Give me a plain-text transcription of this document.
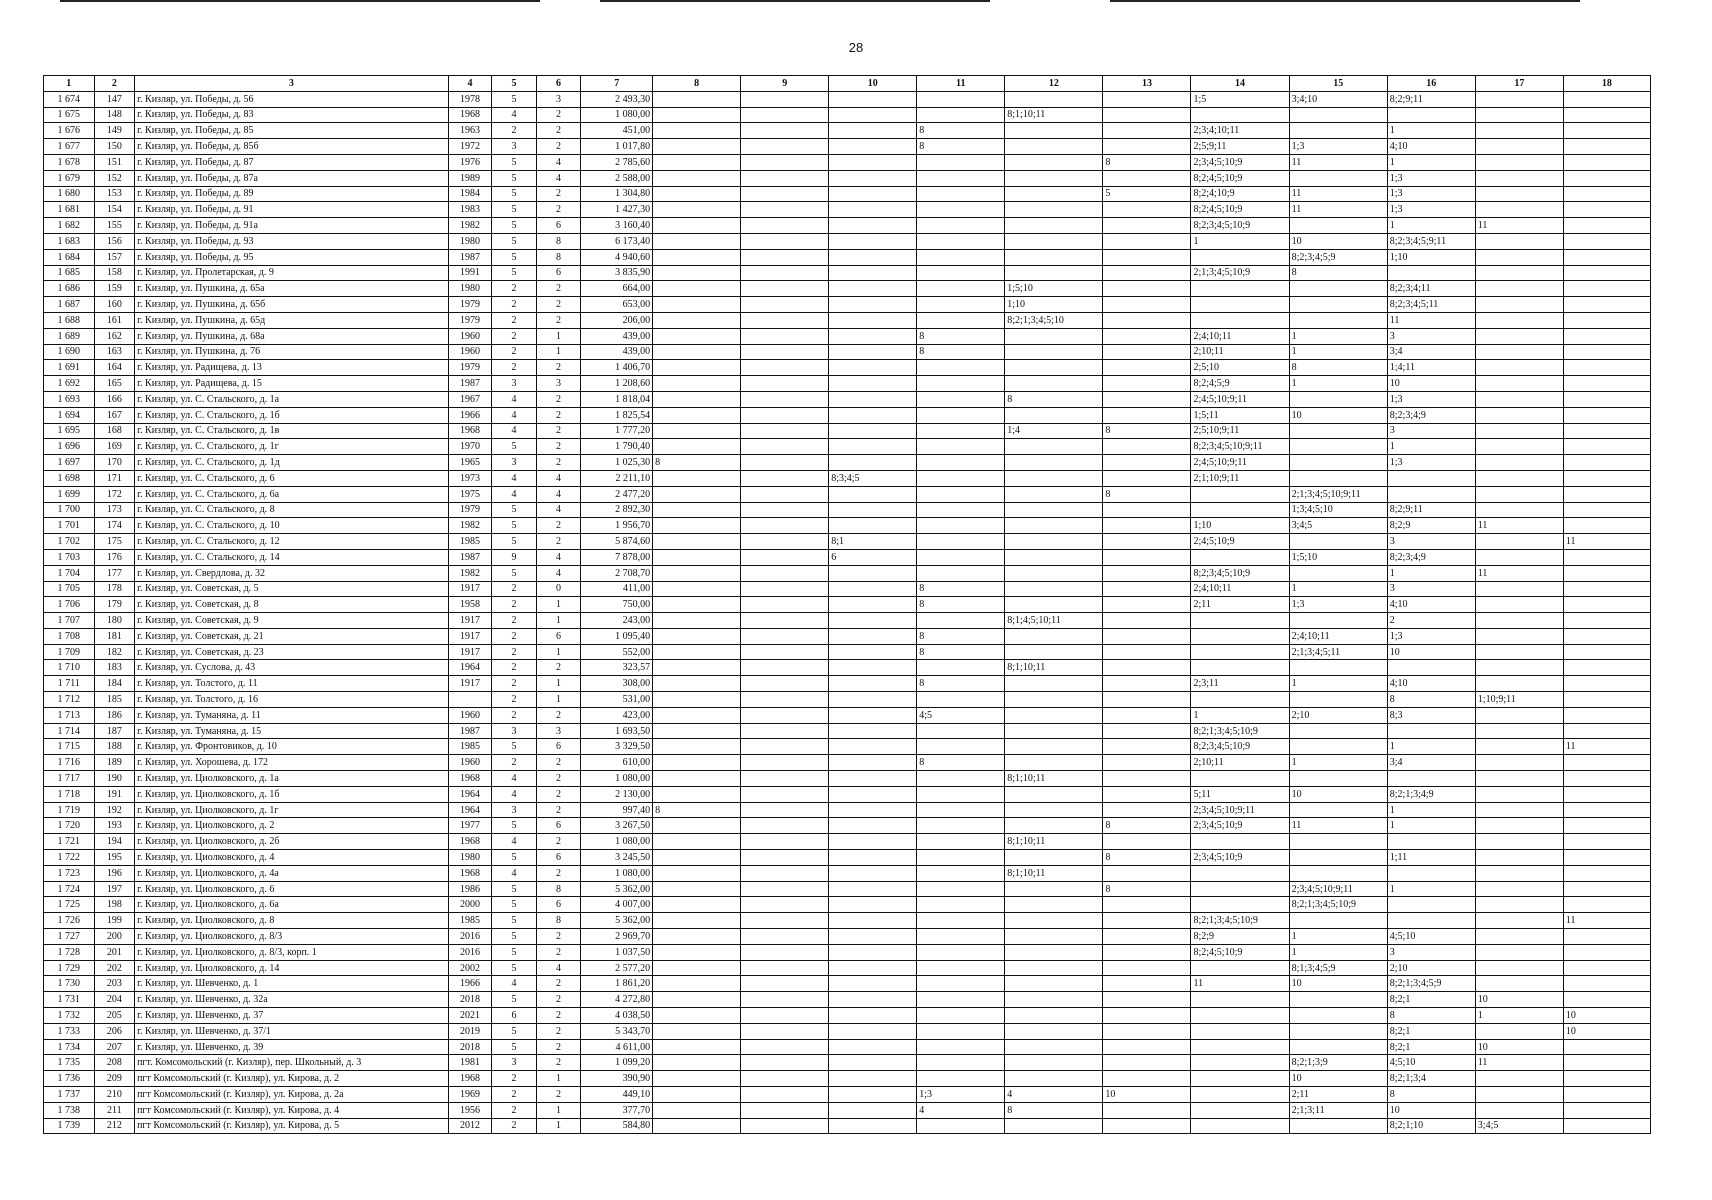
28
1	2	3	4	5	6	7	8	9	10	11	12	13	14	15	16	17	18
1 674	147	г. Кизляр, ул. Победы, д. 56	1978	5	3	2 493,30							1;5	3;4;10	8;2;9;11		
1 675	148	г. Кизляр, ул. Победы, д. 83	1968	4	2	1 080,00					8;1;10;11						
1 676	149	г. Кизляр, ул. Победы, д. 85	1963	2	2	451,00				8			2;3;4;10;11		1		
1 677	150	г. Кизляр, ул. Победы, д. 85б	1972	3	2	1 017,80				8			2;5;9;11	1;3	4;10		
1 678	151	г. Кизляр, ул. Победы, д. 87	1976	5	4	2 785,60						8	2;3;4;5;10;9	11	1		
1 679	152	г. Кизляр, ул. Победы, д. 87а	1989	5	4	2 588,00							8;2;4;5;10;9		1;3		
1 680	153	г. Кизляр, ул. Победы, д. 89	1984	5	2	1 304,80						5	8;2;4;10;9	11	1;3		
1 681	154	г. Кизляр, ул. Победы, д. 91	1983	5	2	1 427,30							8;2;4;5;10;9	11	1;3		
1 682	155	г. Кизляр, ул. Победы, д. 91а	1982	5	6	3 160,40							8;2;3;4;5;10;9		1	11	
1 683	156	г. Кизляр, ул. Победы, д. 93	1980	5	8	6 173,40							1	10	8;2;3;4;5;9;11		
1 684	157	г. Кизляр, ул. Победы, д. 95	1987	5	8	4 940,60								8;2;3;4;5;9	1;10		
1 685	158	г. Кизляр, ул. Пролетарская, д. 9	1991	5	6	3 835,90							2;1;3;4;5;10;9	8			
1 686	159	г. Кизляр, ул. Пушкина, д. 65а	1980	2	2	664,00					1;5;10				8;2;3;4;11		
1 687	160	г. Кизляр, ул. Пушкина, д. 65б	1979	2	2	653,00					1;10				8;2;3;4;5;11		
1 688	161	г. Кизляр, ул. Пушкина, д. 65д	1979	2	2	206,00					8;2;1;3;4;5;10				11		
1 689	162	г. Кизляр, ул. Пушкина, д. 68а	1960	2	1	439,00				8			2;4;10;11	1	3		
1 690	163	г. Кизляр, ул. Пушкина, д. 76	1960	2	1	439,00				8			2;10;11	1	3;4		
1 691	164	г. Кизляр, ул. Радищева, д. 13	1979	2	2	1 406,70							2;5;10	8	1;4;11		
1 692	165	г. Кизляр, ул. Радищева, д. 15	1987	3	3	1 208,60							8;2;4;5;9	1	10		
1 693	166	г. Кизляр, ул. С. Стальского, д. 1а	1967	4	2	1 818,04					8		2;4;5;10;9;11		1;3		
1 694	167	г. Кизляр, ул. С. Стальского, д. 1б	1966	4	2	1 825,54							1;5;11	10	8;2;3;4;9		
1 695	168	г. Кизляр, ул. С. Стальского, д. 1в	1968	4	2	1 777,20					1;4	8	2;5;10;9;11		3		
1 696	169	г. Кизляр, ул. С. Стальского, д. 1г	1970	5	2	1 790,40							8;2;3;4;5;10;9;11		1		
1 697	170	г. Кизляр, ул. С. Стальского, д. 1д	1965	3	2	1 025,30	8						2;4;5;10;9;11		1;3		
1 698	171	г. Кизляр, ул. С. Стальского, д. 6	1973	4	4	2 211,10			8;3;4;5				2;1;10;9;11				
1 699	172	г. Кизляр, ул. С. Стальского, д. 6а	1975	4	4	2 477,20						8		2;1;3;4;5;10;9;11			
1 700	173	г. Кизляр, ул. С. Стальского, д. 8	1979	5	4	2 892,30								1;3;4;5;10	8;2;9;11		
1 701	174	г. Кизляр, ул. С. Стальского, д. 10	1982	5	2	1 956,70							1;10	3;4;5	8;2;9	11	
1 702	175	г. Кизляр, ул. С. Стальского, д. 12	1985	5	2	5 874,60			8;1				2;4;5;10;9		3		11
1 703	176	г. Кизляр, ул. С. Стальского, д. 14	1987	9	4	7 878,00			6					1;5;10	8;2;3;4;9		
1 704	177	г. Кизляр, ул. Свердлова, д. 32	1982	5	4	2 708,70							8;2;3;4;5;10;9		1	11	
1 705	178	г. Кизляр, ул. Советская, д. 5	1917	2	0	411,00				8			2;4;10;11	1	3		
1 706	179	г. Кизляр, ул. Советская, д. 8	1958	2	1	750,00				8			2;11	1;3	4;10		
1 707	180	г. Кизляр, ул. Советская, д. 9	1917	2	1	243,00					8;1;4;5;10;11				2		
1 708	181	г. Кизляр, ул. Советская, д. 21	1917	2	6	1 095,40				8				2;4;10;11	1;3		
1 709	182	г. Кизляр, ул. Советская, д. 23	1917	2	1	552,00				8				2;1;3;4;5;11	10		
1 710	183	г. Кизляр, ул. Суслова, д. 43	1964	2	2	323,57					8;1;10;11						
1 711	184	г. Кизляр, ул. Толстого, д. 11	1917	2	1	308,00				8			2;3;11	1	4;10		
1 712	185	г. Кизляр, ул. Толстого, д. 16		2	1	531,00									8	1;10;9;11	
1 713	186	г. Кизляр, ул. Туманяна, д. 11	1960	2	2	423,00				4;5			1	2;10	8;3		
1 714	187	г. Кизляр, ул. Туманяна, д. 15	1987	3	3	1 693,50							8;2;1;3;4;5;10;9				
1 715	188	г. Кизляр, ул. Фронтовиков, д. 10	1985	5	6	3 329,50							8;2;3;4;5;10;9		1		11
1 716	189	г. Кизляр, ул. Хорошева, д. 172	1960	2	2	610,00				8			2;10;11	1	3;4		
1 717	190	г. Кизляр, ул. Циолковского, д. 1а	1968	4	2	1 080,00					8;1;10;11						
1 718	191	г. Кизляр, ул. Циолковского, д. 1б	1964	4	2	2 130,00							5;11	10	8;2;1;3;4;9		
1 719	192	г. Кизляр, ул. Циолковского, д. 1г	1964	3	2	997,40	8						2;3;4;5;10;9;11		1		
1 720	193	г. Кизляр, ул. Циолковского, д. 2	1977	5	6	3 267,50						8	2;3;4;5;10;9	11	1		
1 721	194	г. Кизляр, ул. Циолковского, д. 2б	1968	4	2	1 080,00					8;1;10;11						
1 722	195	г. Кизляр, ул. Циолковского, д. 4	1980	5	6	3 245,50						8	2;3;4;5;10;9		1;11		
1 723	196	г. Кизляр, ул. Циолковского, д. 4а	1968	4	2	1 080,00					8;1;10;11						
1 724	197	г. Кизляр, ул. Циолковского, д. 6	1986	5	8	5 362,00						8		2;3;4;5;10;9;11	1		
1 725	198	г. Кизляр, ул. Циолковского, д. 6а	2000	5	6	4 007,00								8;2;1;3;4;5;10;9			
1 726	199	г. Кизляр, ул. Циолковского, д. 8	1985	5	8	5 362,00							8;2;1;3;4;5;10;9				11
1 727	200	г. Кизляр, ул. Циолковского, д. 8/3	2016	5	2	2 969,70							8;2;9	1	4;5;10		
1 728	201	г. Кизляр, ул. Циолковского, д. 8/3, корп. 1	2016	5	2	1 037,50							8;2;4;5;10;9	1	3		
1 729	202	г. Кизляр, ул. Циолковского, д. 14	2002	5	4	2 577,20								8;1;3;4;5;9	2;10		
1 730	203	г. Кизляр, ул. Шевченко, д. 1	1966	4	2	1 861,20							11	10	8;2;1;3;4;5;9		
1 731	204	г. Кизляр, ул. Шевченко, д. 32а	2018	5	2	4 272,80									8;2;1	10	
1 732	205	г. Кизляр, ул. Шевченко, д. 37	2021	6	2	4 038,50									8	1	10
1 733	206	г. Кизляр, ул. Шевченко, д. 37/1	2019	5	2	5 343,70									8;2;1		10
1 734	207	г. Кизляр, ул. Шевченко, д. 39	2018	5	2	4 611,00									8;2;1	10	
1 735	208	пгт. Комсомольский (г. Кизляр), пер. Школьный, д. 3	1981	3	2	1 099,20								8;2;1;3;9	4;5;10	11	
1 736	209	пгт Комсомольский (г. Кизляр), ул. Кирова, д. 2	1968	2	1	390,90								10	8;2;1;3;4		
1 737	210	пгт Комсомольский (г. Кизляр), ул. Кирова, д. 2а	1969	2	2	449,10				1;3	4	10		2;11	8		
1 738	211	пгт Комсомольский (г. Кизляр), ул. Кирова, д. 4	1956	2	1	377,70				4	8			2;1;3;11	10		
1 739	212	пгт Комсомольский (г. Кизляр), ул. Кирова, д. 5	2012	2	1	584,80									8;2;1;10	3;4;5	
